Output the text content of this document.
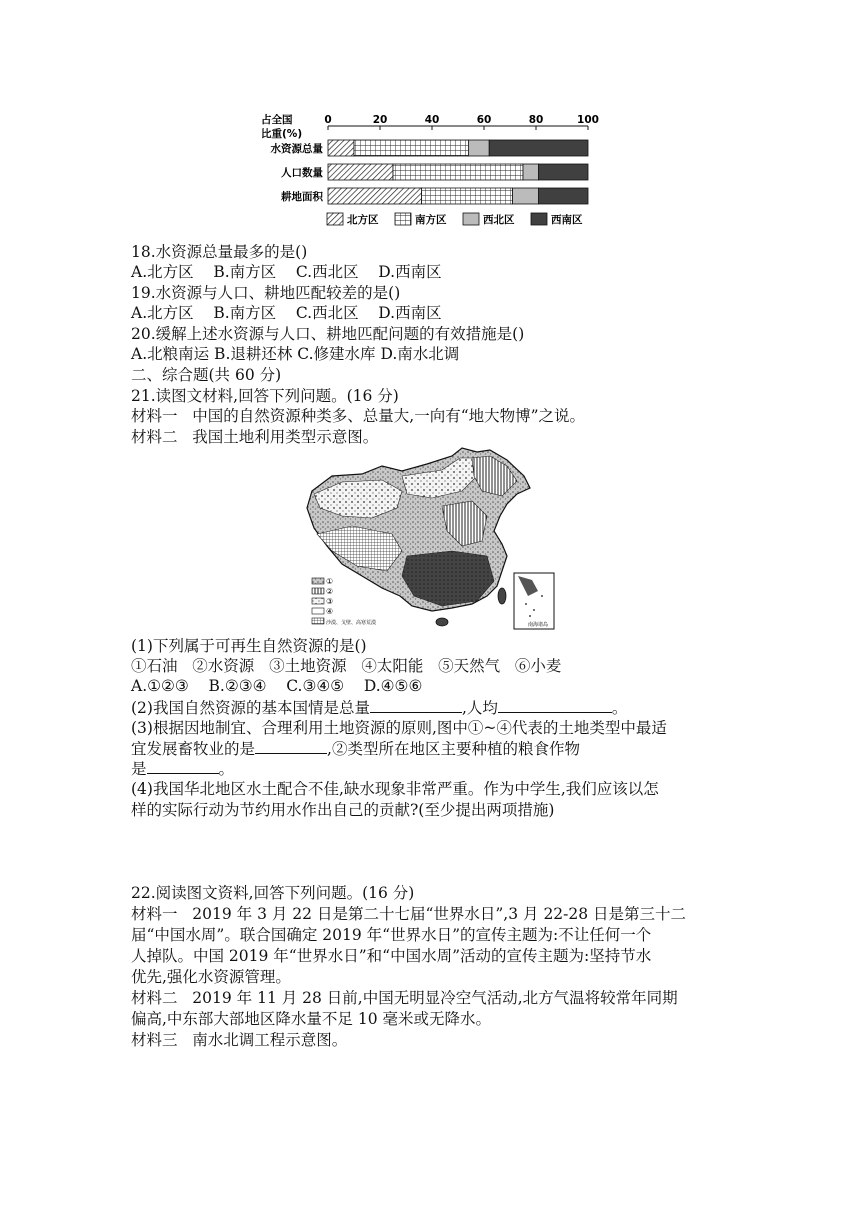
占全国
比重(%)
0	20	40	60	80	100
水资源总量
人口数量
耕地面积
北方区	南方区	西北区	西南区
18.水资源总量最多的是()
A.北方区    B.南方区    C.西北区    D.西南区
19.水资源与人口、耕地匹配较差的是()
A.北方区    B.南方区    C.西北区    D.西南区
20.缓解上述水资源与人口、耕地匹配问题的有效措施是()
A.北粮南运 B.退耕还林 C.修建水库 D.南水北调
二、综合题(共 60 分)
21.读图文材料,回答下列问题。(16 分)
材料一   中国的自然资源种类多、总量大,一向有“地大物博”之说。
材料二   我国土地利用类型示意图。
①
②
③
④
沙漠、戈壁、高寒荒漠	南海诸岛
(1)下列属于可再生自然资源的是()
①石油   ②水资源   ③土地资源   ④太阳能   ⑤天然气   ⑥小麦
A.①②③    B.②③④    C.③④⑤    D.④⑤⑥
(2)我国自然资源的基本国情是总量	,人均	。
(3)根据因地制宜、合理利用土地资源的原则,图中①~④代表的土地类型中最适
宜发展畜牧业的是	,②类型所在地区主要种植的粮食作物
是	。
(4)我国华北地区水土配合不佳,缺水现象非常严重。作为中学生,我们应该以怎
样的实际行动为节约用水作出自己的贡献?(至少提出两项措施)
22.阅读图文资料,回答下列问题。(16 分)
材料一   2019 年 3 月 22 日是第二十七届“世界水日”,3 月 22-28 日是第三十二
届“中国水周”。联合国确定 2019 年“世界水日”的宣传主题为:不让任何一个
人掉队。中国 2019 年“世界水日”和“中国水周”活动的宣传主题为:坚持节水
优先,强化水资源管理。
材料二   2019 年 11 月 28 日前,中国无明显冷空气活动,北方气温将较常年同期
偏高,中东部大部地区降水量不足 10 毫米或无降水。
材料三   南水北调工程示意图。
